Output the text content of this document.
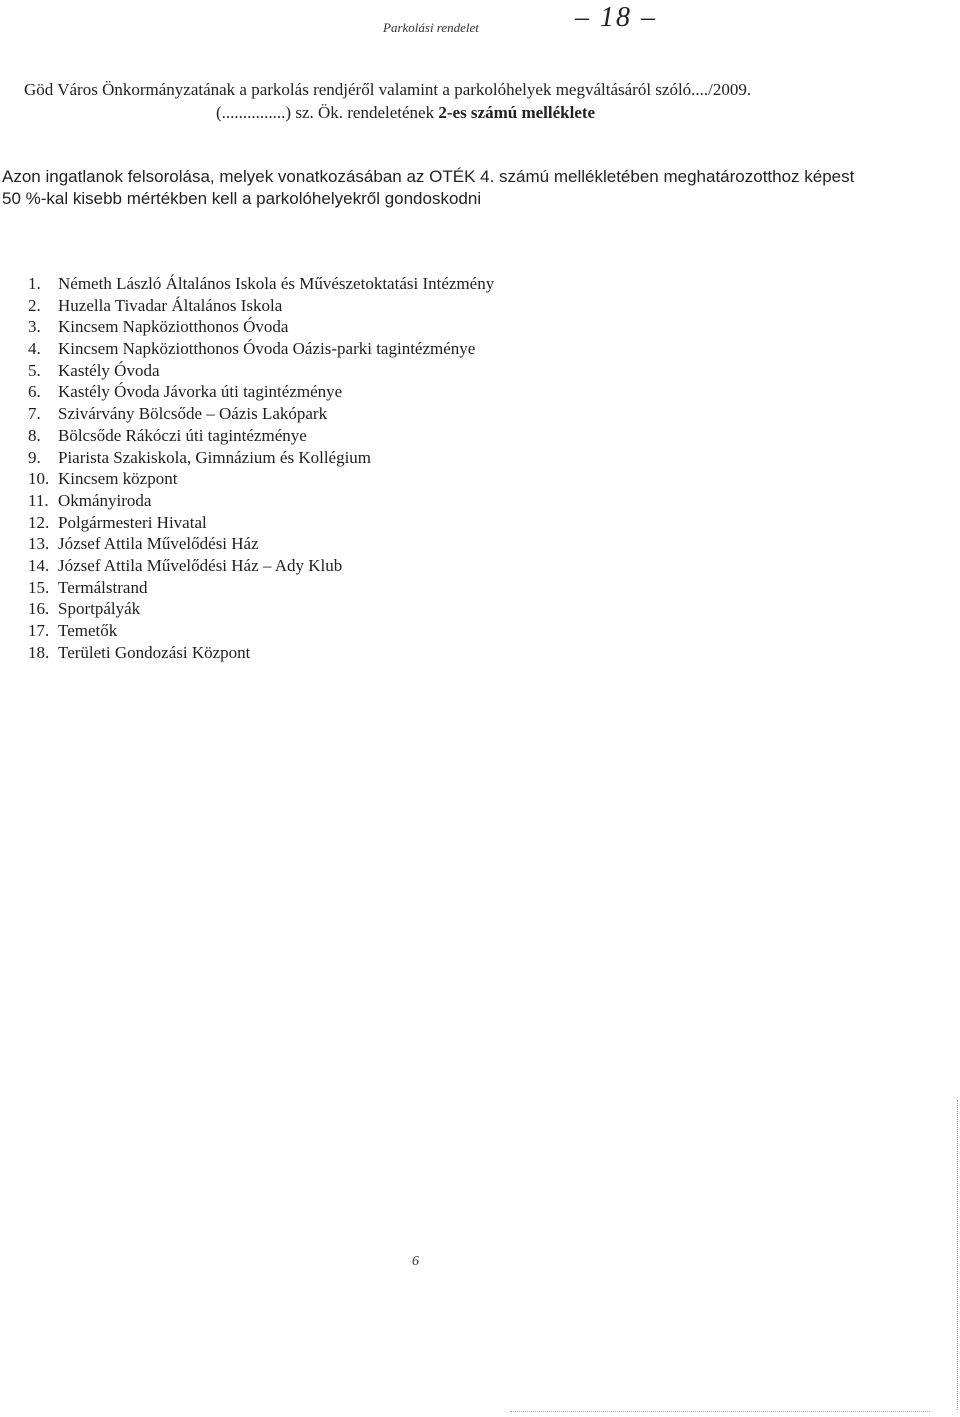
Parkolási rendelet	– 18 –
Göd Város Önkormányzatának a parkolás rendjéről valamint a parkolóhelyek megváltásáról szóló..../2009.
(...............) sz. Ök. rendeletének 2-es számú melléklete
Azon ingatlanok felsorolása, melyek vonatkozásában az OTÉK 4. számú mellékletében meghatározotthoz képest
50 %-kal kisebb mértékben kell a parkolóhelyekről gondoskodni
1. Németh László Általános Iskola és Művészetoktatási Intézmény
2. Huzella Tivadar Általános Iskola
3. Kincsem Napköziotthonos Óvoda
4. Kincsem Napköziotthonos Óvoda Oázis-parki tagintézménye
5. Kastély Óvoda
6. Kastély Óvoda Jávorka úti tagintézménye
7. Szivárvány Bölcsőde – Oázis Lakópark
8. Bölcsőde Rákóczi úti tagintézménye
9. Piarista Szakiskola, Gimnázium és Kollégium
10. Kincsem központ
11. Okmányiroda
12. Polgármesteri Hivatal
13. József Attila Művelődési Ház
14. József Attila Művelődési Ház – Ady Klub
15. Termálstrand
16. Sportpályák
17. Temetők
18. Területi Gondozási Központ
6
